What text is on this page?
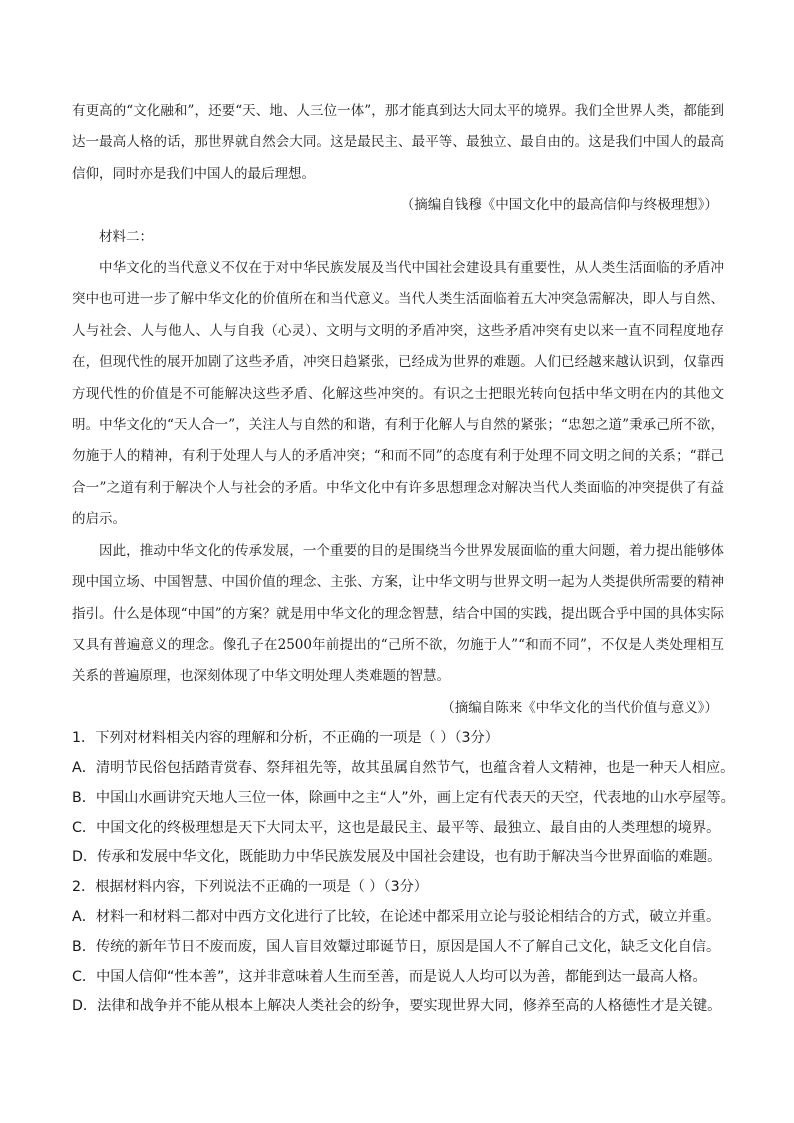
有更高的“文化融和”，还要“天、地、人三位一体”，那才能真到达大同太平的境界。我们全世界人类，都能到达一最高人格的话，那世界就自然会大同。这是最民主、最平等、最独立、最自由的。这是我们中国人的最高信仰，同时亦是我们中国人的最后理想。

（摘编自钱穆《中国文化中的最高信仰与终极理想》）

材料二：

中华文化的当代意义不仅在于对中华民族发展及当代中国社会建设具有重要性，从人类生活面临的矛盾冲突中也可进一步了解中华文化的价值所在和当代意义。当代人类生活面临着五大冲突急需解决，即人与自然、人与社会、人与他人、人与自我（心灵）、文明与文明的矛盾冲突，这些矛盾冲突有史以来一直不同程度地存在，但现代性的展开加剧了这些矛盾，冲突日趋紧张，已经成为世界的难题。人们已经越来越认识到，仅靠西方现代性的价值是不可能解决这些矛盾、化解这些冲突的。有识之士把眼光转向包括中华文明在内的其他文明。中华文化的“天人合一”，关注人与自然的和谐，有利于化解人与自然的紧张；“忠恕之道”秉承己所不欲，勿施于人的精神，有利于处理人与人的矛盾冲突；“和而不同”的态度有利于处理不同文明之间的关系；“群己合一”之道有利于解决个人与社会的矛盾。中华文化中有许多思想理念对解决当代人类面临的冲突提供了有益的启示。

因此，推动中华文化的传承发展，一个重要的目的是围绕当今世界发展面临的重大问题，着力提出能够体现中国立场、中国智慧、中国价值的理念、主张、方案，让中华文明与世界文明一起为人类提供所需要的精神指引。什么是体现“中国”的方案？就是用中华文化的理念智慧，结合中国的实践，提出既合乎中国的具体实际又具有普遍意义的理念。像孔子在2500年前提出的“己所不欲，勿施于人”“和而不同”，不仅是人类处理相互关系的普遍原理，也深刻体现了中华文明处理人类难题的智慧。

（摘编自陈来《中华文化的当代价值与意义》）

1．下列对材料相关内容的理解和分析，不正确的一项是（ ）（3分）

A．清明节民俗包括踏青赏春、祭拜祖先等，故其虽属自然节气，也蕴含着人文精神，也是一种天人相应。

B．中国山水画讲究天地人三位一体，除画中之主“人”外，画上定有代表天的天空，代表地的山水亭屋等。

C．中国文化的终极理想是天下大同太平，这也是最民主、最平等、最独立、最自由的人类理想的境界。

D．传承和发展中华文化，既能助力中华民族发展及中国社会建设，也有助于解决当今世界面临的难题。

2．根据材料内容，下列说法不正确的一项是（ ）（3分）

A．材料一和材料二都对中西方文化进行了比较，在论述中都采用立论与驳论相结合的方式，破立并重。

B．传统的新年节日不废而废，国人盲目效颦过耶诞节日，原因是国人不了解自己文化，缺乏文化自信。

C．中国人信仰“性本善”，这并非意味着人生而至善，而是说人人均可以为善，都能到达一最高人格。

D．法律和战争并不能从根本上解决人类社会的纷争，要实现世界大同，修养至高的人格德性才是关键。
